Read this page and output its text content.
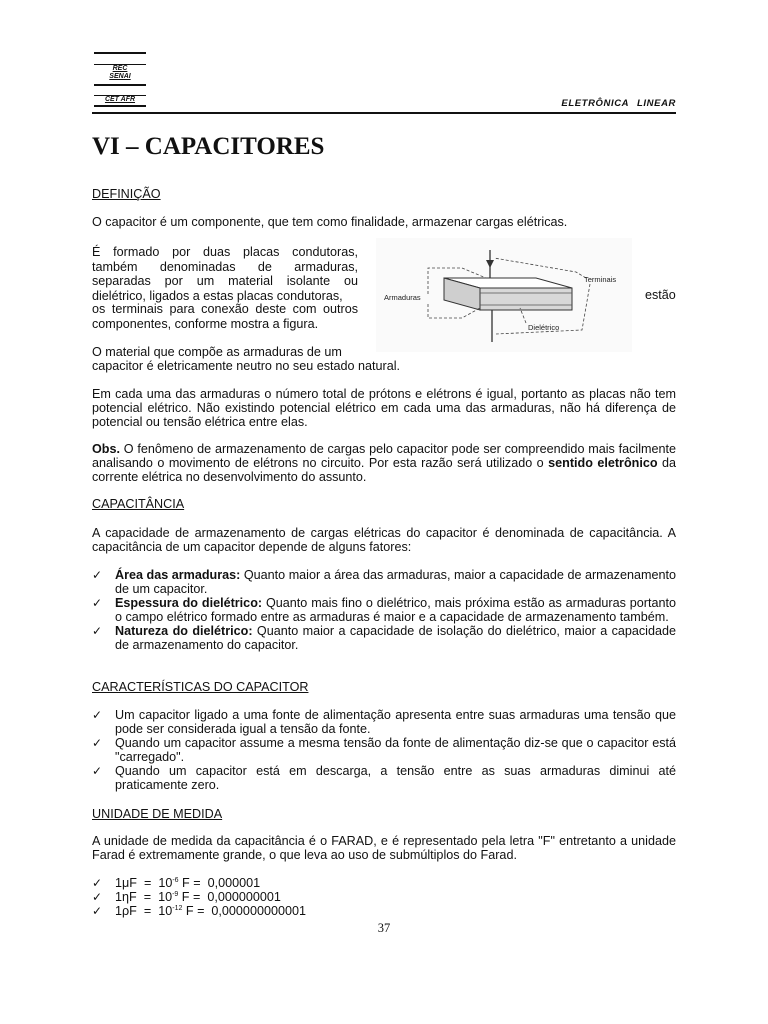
REC
SENAI
CET AFR	ELETRÔNICA LINEAR
VI – CAPACITORES
DEFINIÇÃO
O capacitor é um componente, que tem como finalidade, armazenar cargas elétricas.
É formado por duas placas condutoras, também denominadas de armaduras, separadas por um material isolante ou dielétrico, ligados a estas placas condutoras,	estão
os terminais para conexão deste com outros componentes, conforme mostra a figura.
O material que compõe as armaduras de um
capacitor é eletricamente neutro no seu estado natural.
Terminais
Armaduras
Dielétrico
Em cada uma das armaduras o número total de prótons e elétrons é igual, portanto as placas não tem potencial elétrico. Não existindo potencial elétrico em cada uma das armaduras, não há diferença de potencial ou tensão elétrica entre elas.
Obs. O fenômeno de armazenamento de cargas pelo capacitor pode ser compreendido mais facilmente analisando o movimento de elétrons no circuito. Por esta razão será utilizado o sentido eletrônico da corrente elétrica no desenvolvimento do assunto.
CAPACITÂNCIA
A capacidade de armazenamento de cargas elétricas do capacitor é denominada de capacitância. A capacitância de um capacitor depende de alguns fatores:
✓ Área das armaduras: Quanto maior a área das armaduras, maior a capacidade de armazenamento de um capacitor.
✓ Espessura do dielétrico: Quanto mais fino o dielétrico, mais próxima estão as armaduras portanto o campo elétrico formado entre as armaduras é maior e a capacidade de armazenamento também.
✓ Natureza do dielétrico: Quanto maior a capacidade de isolação do dielétrico, maior a capacidade de armazenamento do capacitor.
CARACTERÍSTICAS DO CAPACITOR
✓ Um capacitor ligado a uma fonte de alimentação apresenta entre suas armaduras uma tensão que pode ser considerada igual a tensão da fonte.
✓ Quando um capacitor assume a mesma tensão da fonte de alimentação diz-se que o capacitor está "carregado".
✓ Quando um capacitor está em descarga, a tensão entre as suas armaduras diminui até praticamente zero.
UNIDADE DE MEDIDA
A unidade de medida da capacitância é o FARAD, e é representado pela letra "F" entretanto a unidade Farad é extremamente grande, o que leva ao uso de submúltiplos do Farad.
✓ $1\mu F = 10^{-6}$ F =  0,000001
✓ $1\eta F = 10^{-9}$ F =  0,000000001
✓ $1\rho F = 10^{-12}$ F =  0,000000000001
37
